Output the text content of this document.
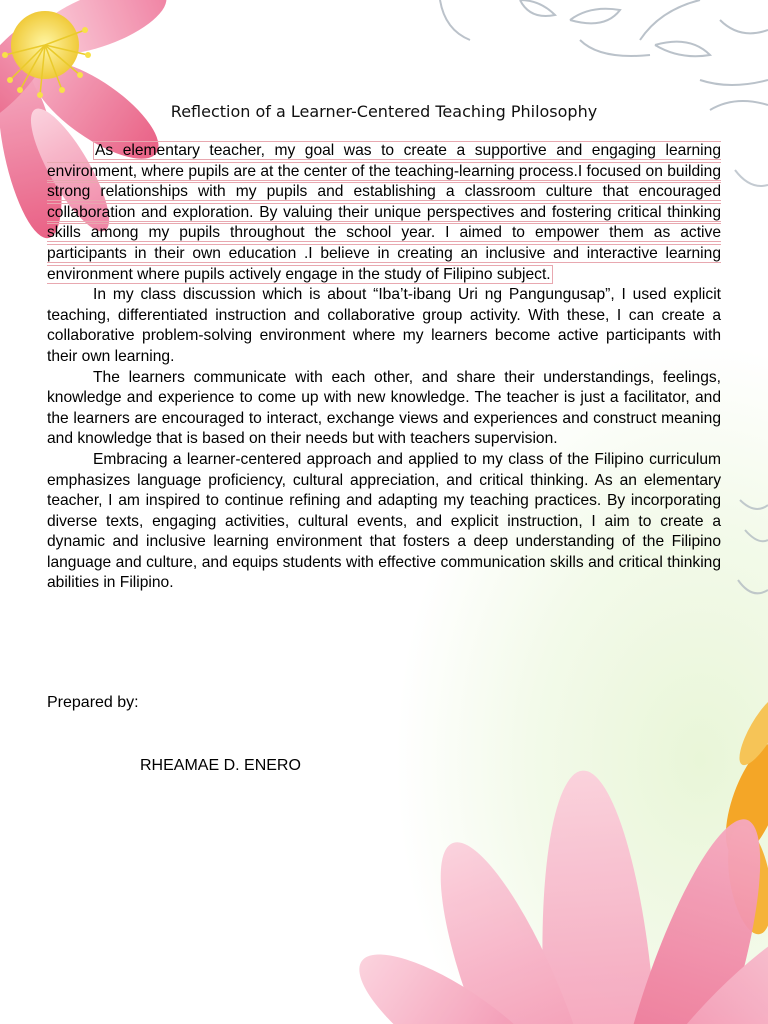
Reflection of a Learner-Centered Teaching Philosophy

As elementary teacher, my goal was to create a supportive and engaging learning environment, where pupils are at the center of the teaching-learning process.I focused on building strong relationships with my pupils and establishing a classroom culture that encouraged collaboration and exploration. By valuing their unique perspectives and fostering critical thinking skills among my pupils throughout the school year. I aimed to empower them as active participants in their own education .I believe in creating an inclusive and interactive learning environment where pupils actively engage in the study of Filipino subject.

In my class discussion which is about “Iba’t-ibang Uri ng Pangungusap”, I used explicit teaching, differentiated instruction and collaborative group activity. With these, I can create a collaborative problem-solving environment where my learners become active participants with their own learning.

The learners communicate with each other, and share their understandings, feelings, knowledge and experience to come up with new knowledge. The teacher is just a facilitator, and the learners are encouraged to interact, exchange views and experiences and construct meaning and knowledge that is based on their needs but with teachers supervision.

Embracing a learner-centered approach and applied to my class of the Filipino curriculum emphasizes language proficiency, cultural appreciation, and critical thinking. As an elementary teacher, I am inspired to continue refining and adapting my teaching practices. By incorporating diverse texts, engaging activities, cultural events, and explicit instruction, I aim to create a dynamic and inclusive learning environment that fosters a deep understanding of the Filipino language and culture, and equips students with effective communication skills and critical thinking abilities in Filipino.

Prepared by:
RHEAMAE D. ENERO
